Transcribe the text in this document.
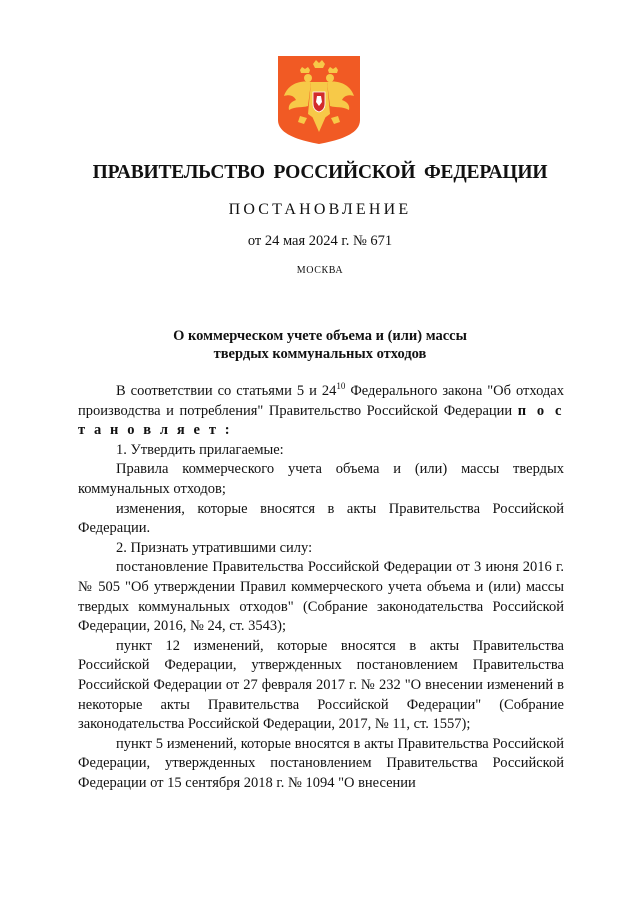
ПРАВИТЕЛЬСТВО РОССИЙСКОЙ ФЕДЕРАЦИИ
ПОСТАНОВЛЕНИЕ
от 24 мая 2024 г. № 671
МОСКВА
О коммерческом учете объема и (или) массы
твердых коммунальных отходов

В соответствии со статьями 5 и $24^{10}$ Федерального закона "Об отходах производства и потребления" Правительство Российской Федерации п о с т а н о в л я е т :

1. Утвердить прилагаемые:

Правила коммерческого учета объема и (или) массы твердых коммунальных отходов;

изменения, которые вносятся в акты Правительства Российской Федерации.

2. Признать утратившими силу:

постановление Правительства Российской Федерации от 3 июня 2016 г. № 505 "Об утверждении Правил коммерческого учета объема и (или) массы твердых коммунальных отходов" (Собрание законодательства Российской Федерации, 2016, № 24, ст. 3543);

пункт 12 изменений, которые вносятся в акты Правительства Российской Федерации, утвержденных постановлением Правительства Российской Федерации от 27 февраля 2017 г. № 232 "О внесении изменений в некоторые акты Правительства Российской Федерации" (Собрание законодательства Российской Федерации, 2017, № 11, ст. 1557);

пункт 5 изменений, которые вносятся в акты Правительства Российской Федерации, утвержденных постановлением Правительства Российской Федерации от 15 сентября 2018 г. № 1094 "О внесении
